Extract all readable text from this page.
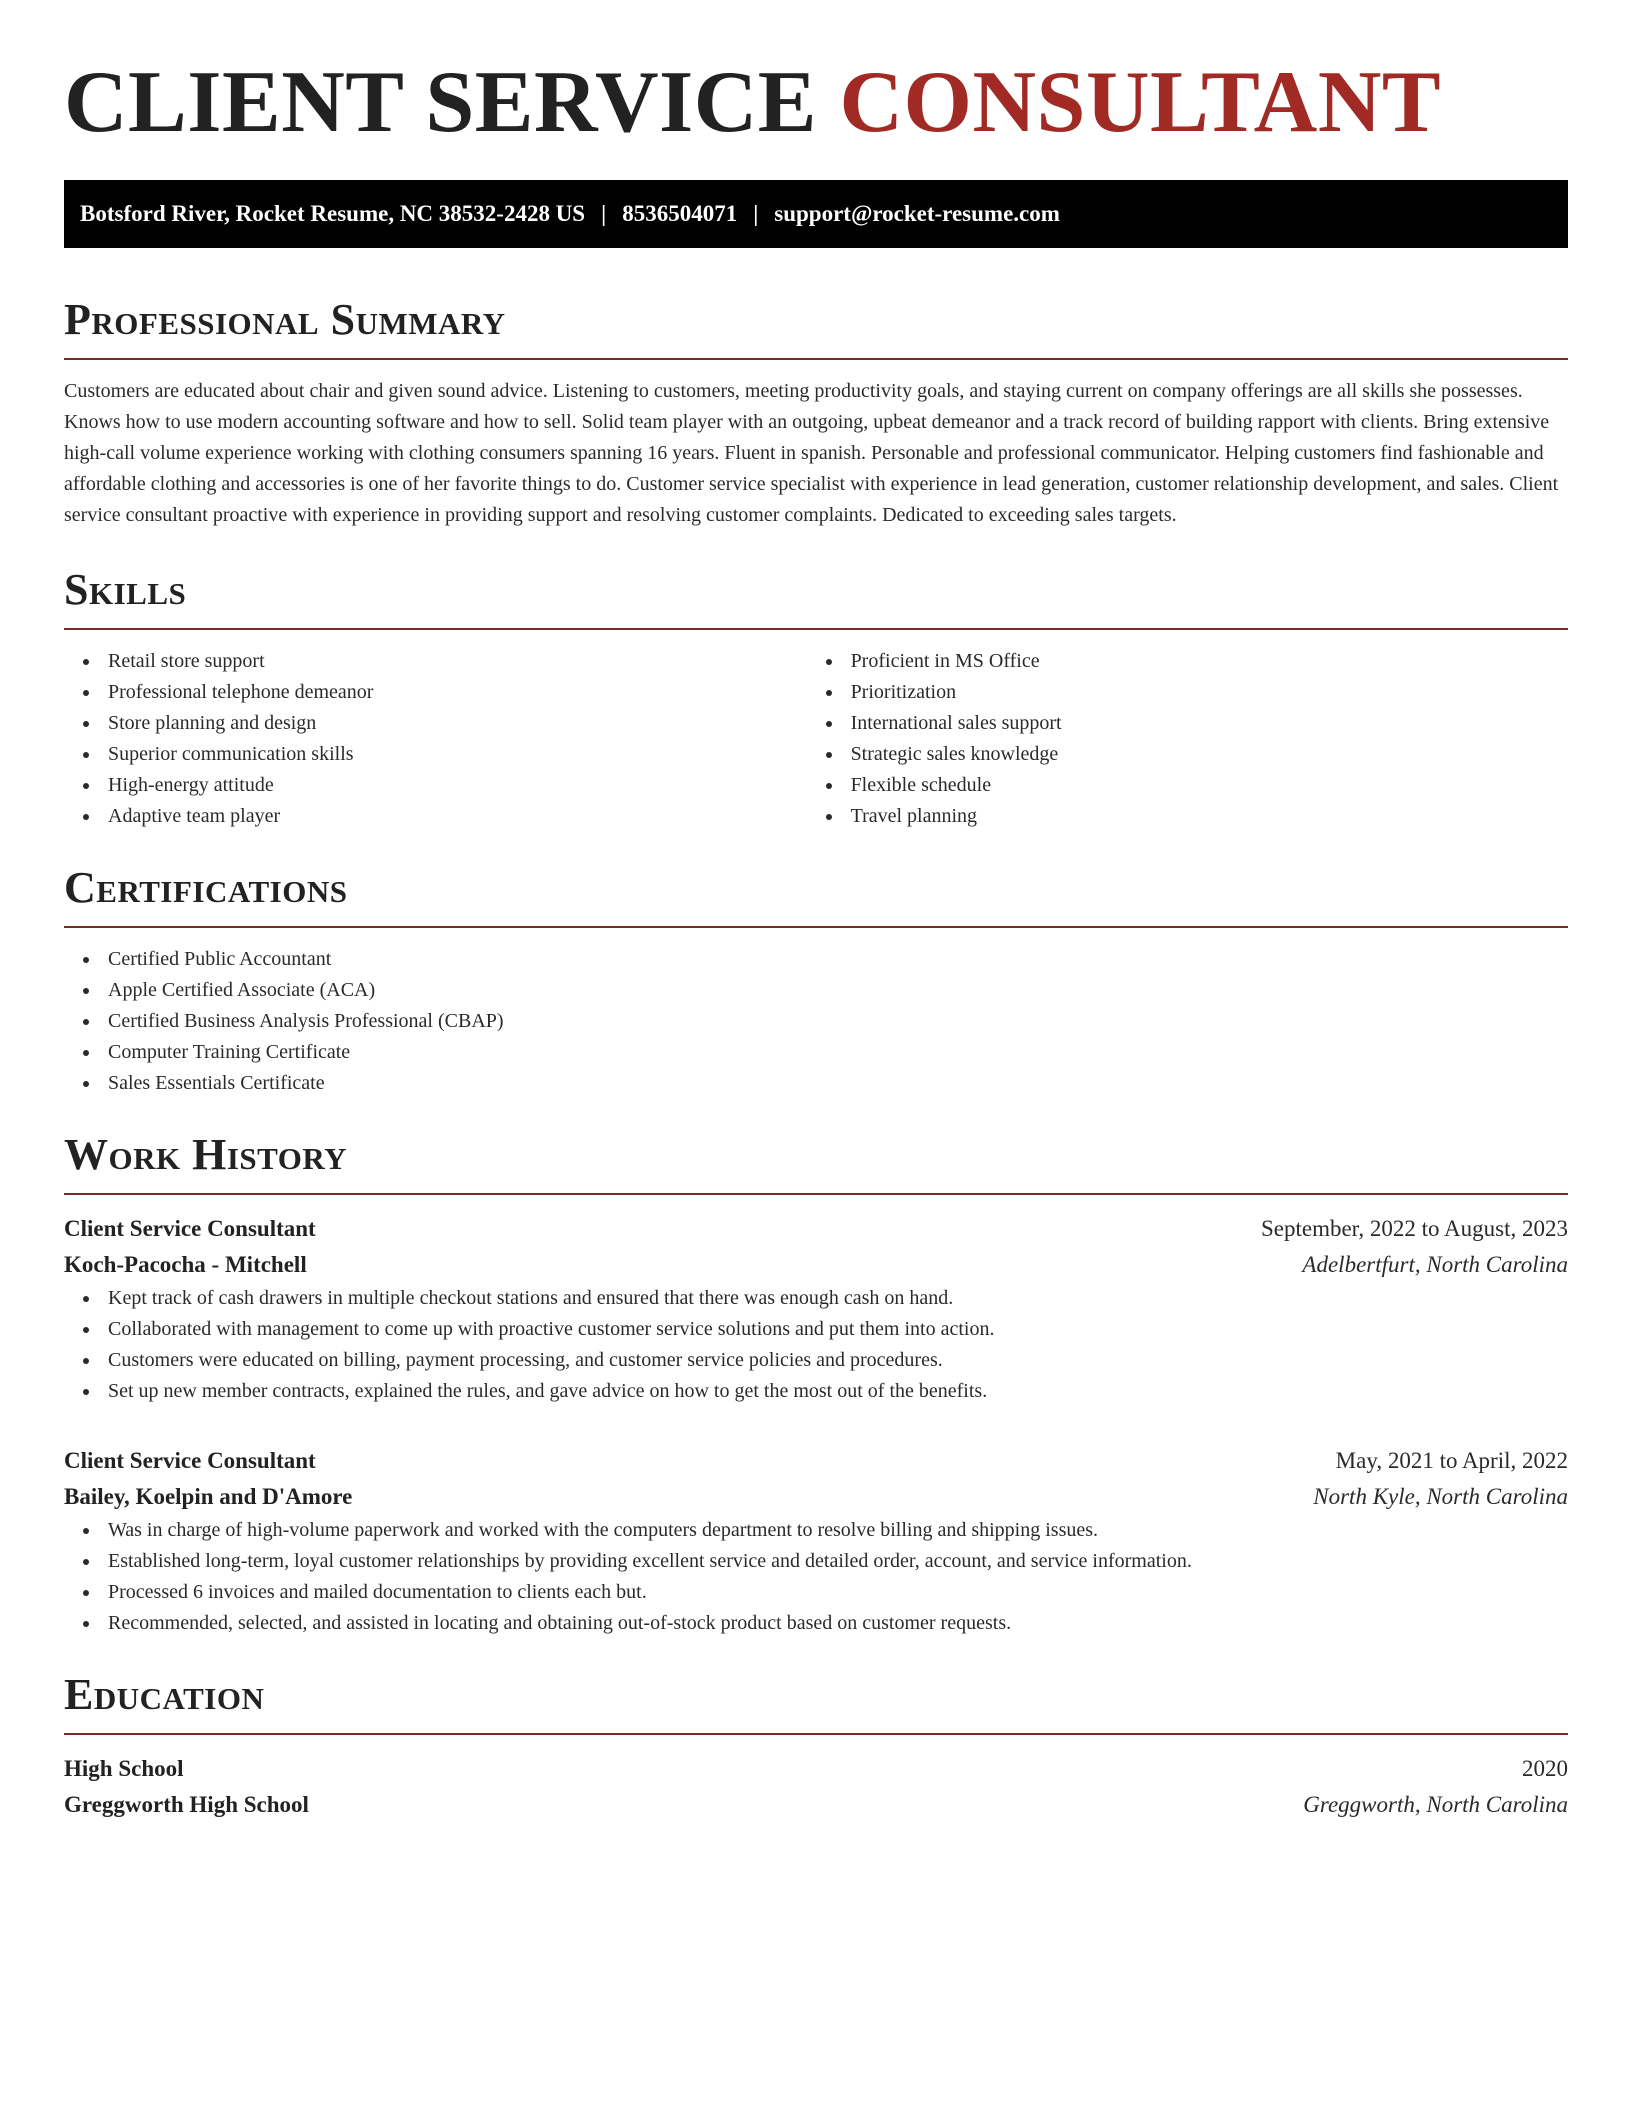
CLIENT SERVICE CONSULTANT
Botsford River, Rocket Resume, NC 38532-2428 US | 8536504071 | support@rocket-resume.com
Professional Summary

Customers are educated about chair and given sound advice. Listening to customers, meeting productivity goals, and staying current on company offerings are all skills she possesses. Knows how to use modern accounting software and how to sell. Solid team player with an outgoing, upbeat demeanor and a track record of building rapport with clients. Bring extensive high-call volume experience working with clothing consumers spanning 16 years. Fluent in spanish. Personable and professional communicator. Helping customers find fashionable and affordable clothing and accessories is one of her favorite things to do. Customer service specialist with experience in lead generation, customer relationship development, and sales. Client service consultant proactive with experience in providing support and resolving customer complaints. Dedicated to exceeding sales targets.

Skills
Retail store support
Professional telephone demeanor
Store planning and design
Superior communication skills
High-energy attitude
Adaptive team player
Proficient in MS Office
Prioritization
International sales support
Strategic sales knowledge
Flexible schedule
Travel planning
Certifications
Certified Public Accountant
Apple Certified Associate (ACA)
Certified Business Analysis Professional (CBAP)
Computer Training Certificate
Sales Essentials Certificate
Work History
Client Service Consultant	September, 2022 to August, 2023
Koch-Pacocha - Mitchell	Adelbertfurt, North Carolina
Kept track of cash drawers in multiple checkout stations and ensured that there was enough cash on hand.
Collaborated with management to come up with proactive customer service solutions and put them into action.
Customers were educated on billing, payment processing, and customer service policies and procedures.
Set up new member contracts, explained the rules, and gave advice on how to get the most out of the benefits.
Client Service Consultant	May, 2021 to April, 2022
Bailey, Koelpin and D'Amore	North Kyle, North Carolina
Was in charge of high-volume paperwork and worked with the computers department to resolve billing and shipping issues.
Established long-term, loyal customer relationships by providing excellent service and detailed order, account, and service information.
Processed 6 invoices and mailed documentation to clients each but.
Recommended, selected, and assisted in locating and obtaining out-of-stock product based on customer requests.
Education
High School	2020
Greggworth High School	Greggworth, North Carolina
